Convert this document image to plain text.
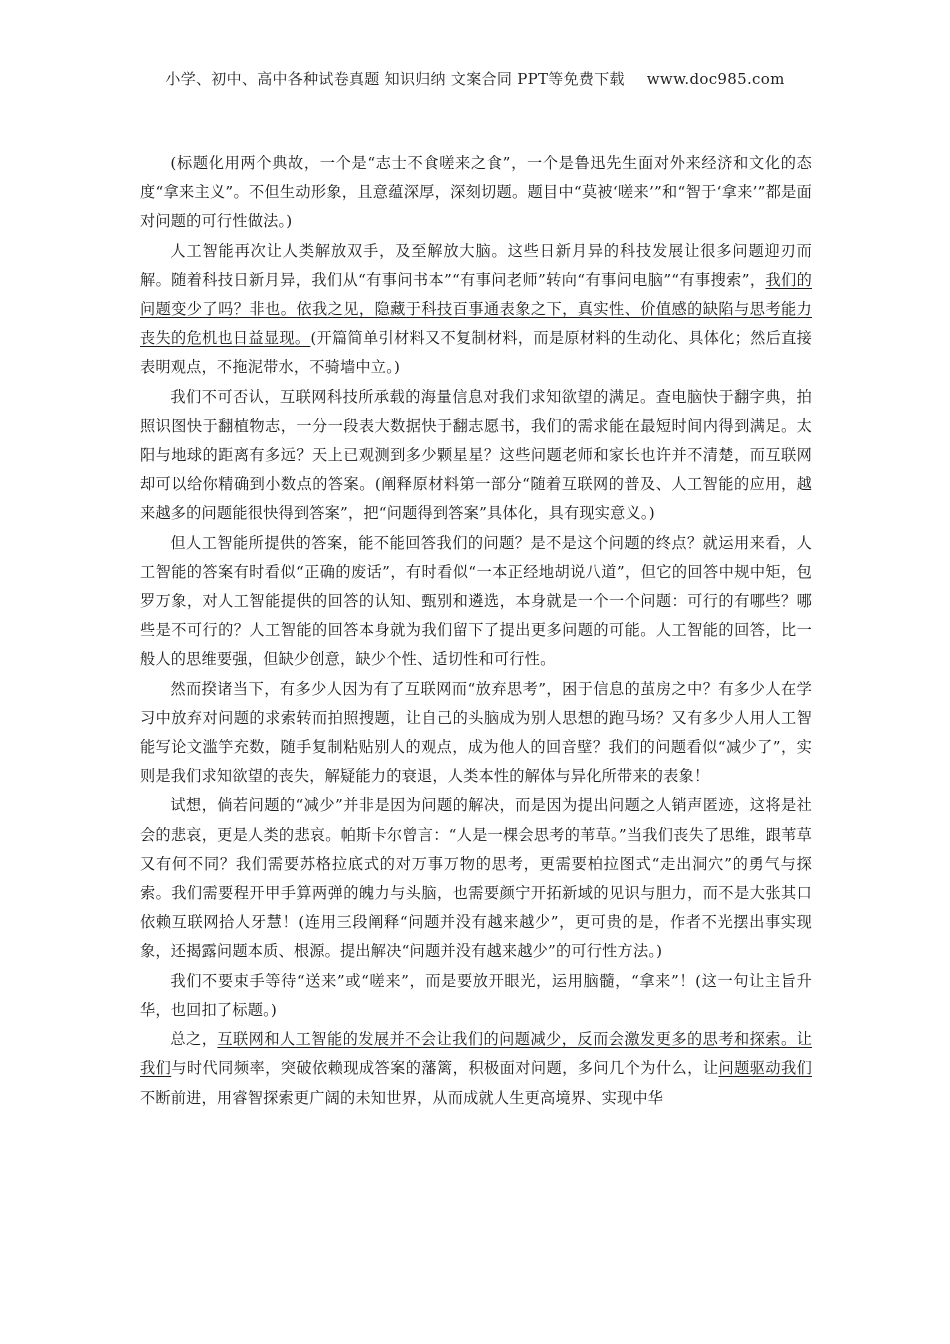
小学、初中、高中各种试卷真题 知识归纳 文案合同 PPT等免费下载 www.doc985.com

(标题化用两个典故，一个是“志士不食嗟来之食”，一个是鲁迅先生面对外来经济和文化的态度“拿来主义”。不但生动形象，且意蕴深厚，深刻切题。题目中“莫被‘嗟来’”和“智于‘拿来’”都是面对问题的可行性做法。)

人工智能再次让人类解放双手，及至解放大脑。这些日新月异的科技发展让很多问题迎刃而解。随着科技日新月异，我们从“有事问书本”“有事问老师”转向“有事问电脑”“有事搜索”，我们的问题变少了吗？非也。依我之见，隐藏于科技百事通表象之下，真实性、价值感的缺陷与思考能力丧失的危机也日益显现。(开篇简单引材料又不复制材料，而是原材料的生动化、具体化；然后直接表明观点，不拖泥带水，不骑墙中立。)

我们不可否认，互联网科技所承载的海量信息对我们求知欲望的满足。查电脑快于翻字典，拍照识图快于翻植物志，一分一段表大数据快于翻志愿书，我们的需求能在最短时间内得到满足。太阳与地球的距离有多远？天上已观测到多少颗星星？这些问题老师和家长也许并不清楚，而互联网却可以给你精确到小数点的答案。(阐释原材料第一部分“随着互联网的普及、人工智能的应用，越来越多的问题能很快得到答案”，把“问题得到答案”具体化，具有现实意义。)

但人工智能所提供的答案，能不能回答我们的问题？是不是这个问题的终点？就运用来看，人工智能的答案有时看似“正确的废话”，有时看似“一本正经地胡说八道”，但它的回答中规中矩，包罗万象，对人工智能提供的回答的认知、甄别和遴选，本身就是一个一个问题：可行的有哪些？哪些是不可行的？人工智能的回答本身就为我们留下了提出更多问题的可能。人工智能的回答，比一般人的思维要强，但缺少创意，缺少个性、适切性和可行性。

然而揆诸当下，有多少人因为有了互联网而“放弃思考”，困于信息的茧房之中？有多少人在学习中放弃对问题的求索转而拍照搜题，让自己的头脑成为别人思想的跑马场？又有多少人用人工智能写论文滥竽充数，随手复制粘贴别人的观点，成为他人的回音壁？我们的问题看似“减少了”，实则是我们求知欲望的丧失，解疑能力的衰退，人类本性的解体与异化所带来的表象！

试想，倘若问题的“减少”并非是因为问题的解决，而是因为提出问题之人销声匿迹，这将是社会的悲哀，更是人类的悲哀。帕斯卡尔曾言：“人是一棵会思考的苇草。”当我们丧失了思维，跟苇草又有何不同？我们需要苏格拉底式的对万事万物的思考，更需要柏拉图式“走出洞穴”的勇气与探索。我们需要程开甲手算两弹的魄力与头脑，也需要颜宁开拓新域的见识与胆力，而不是大张其口依赖互联网拾人牙慧！(连用三段阐释“问题并没有越来越少”，更可贵的是，作者不光摆出事实现象，还揭露问题本质、根源。提出解决“问题并没有越来越少”的可行性方法。)

我们不要束手等待“送来”或“嗟来”，而是要放开眼光，运用脑髓，“拿来”！(这一句让主旨升华，也回扣了标题。)

总之，互联网和人工智能的发展并不会让我们的问题减少，反而会激发更多的思考和探索。让我们与时代同频率，突破依赖现成答案的藩篱，积极面对问题，多问几个为什么，让问题驱动我们不断前进，用睿智探索更广阔的未知世界，从而成就人生更高境界、实现中华
